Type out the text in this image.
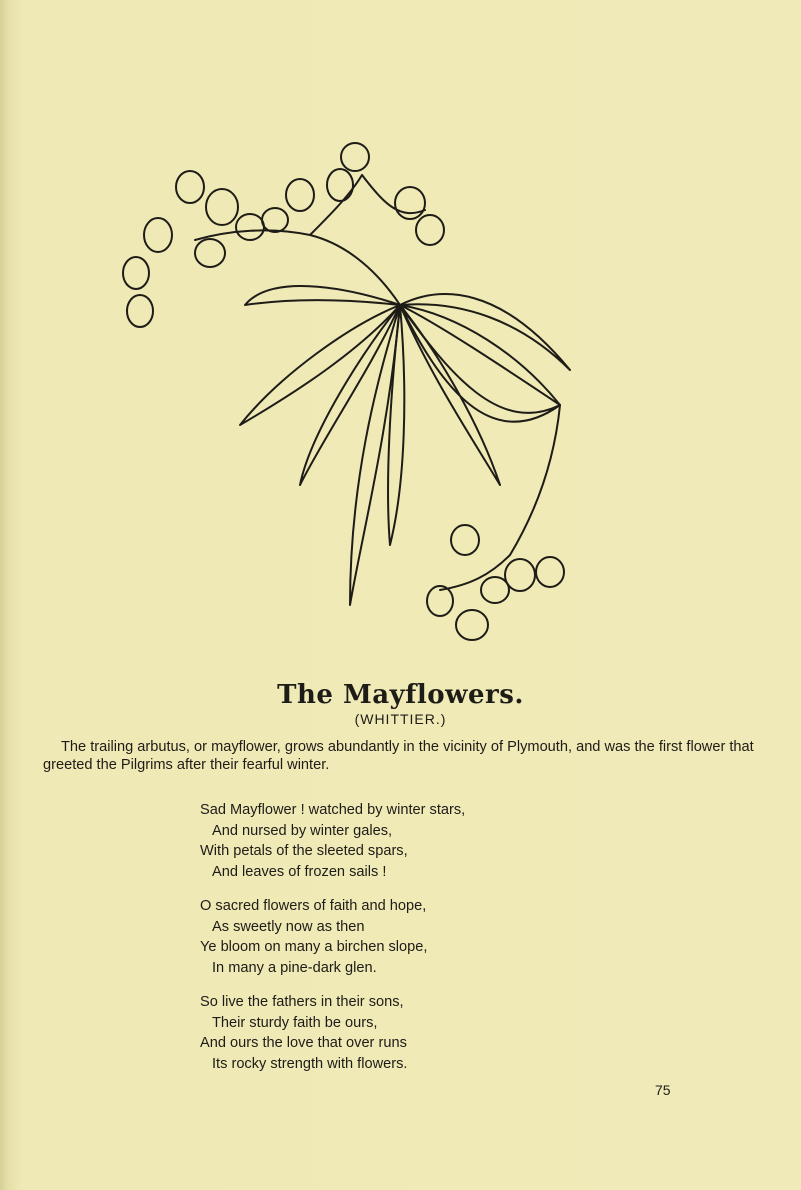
The Mayflowers.
(WHITTIER.)

The trailing arbutus, or mayflower, grows abundantly in the vicinity of Plymouth, and was the first flower that greeted the Pilgrims after their fearful winter.

Sad Mayflower ! watched by winter stars,
And nursed by winter gales,
With petals of the sleeted spars,
And leaves of frozen sails !
O sacred flowers of faith and hope,
As sweetly now as then
Ye bloom on many a birchen slope,
In many a pine-dark glen.
So live the fathers in their sons,
Their sturdy faith be ours,
And ours the love that over runs
Its rocky strength with flowers.
75
